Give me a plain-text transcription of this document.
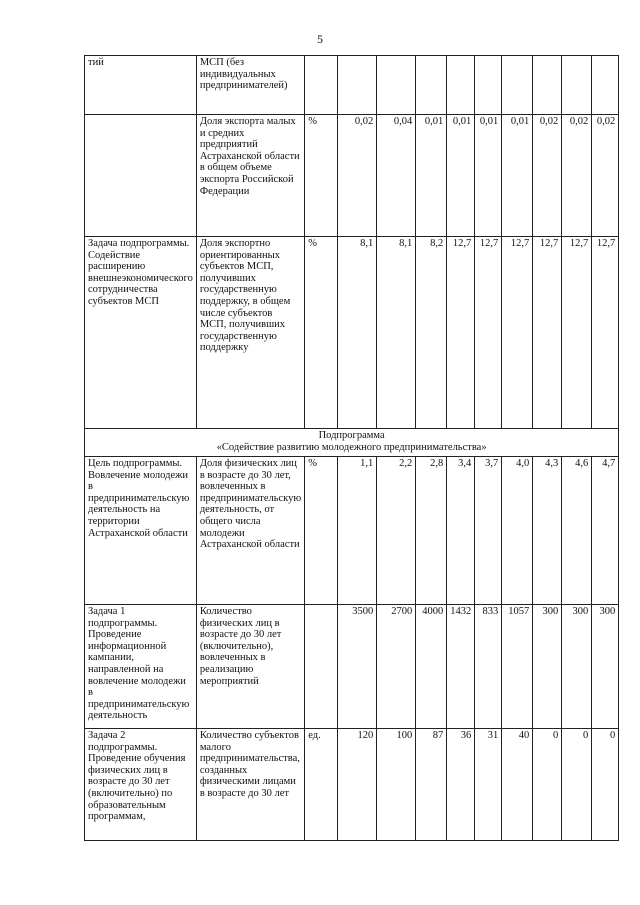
5
тий	МСП (без индивидуальных предпринимателей)										
	Доля экспорта малых и средних предприятий Астраханской области в общем объеме экспорта Российской Федерации	%	0,02	0,04	0,01	0,01	0,01	0,01	0,02	0,02	0,02
Задача подпрограммы. Содействие расширению внешнеэкономического сотрудничества субъектов МСП	Доля экспортно ориентированных субъектов МСП, получивших государственную поддержку, в общем числе субъектов МСП, получивших государственную поддержку	%	8,1	8,1	8,2	12,7	12,7	12,7	12,7	12,7	12,7

Подпрограмма
«Содействие развитию молодежного предпринимательства»											

Цель подпрограммы. Вовлечение молодежи в предпринимательскую деятельность на территории Астраханской области	Доля физических лиц в возрасте до 30 лет, вовлеченных в предпринимательскую деятельность, от общего числа молодежи Астраханской области	%	1,1	2,2	2,8	3,4	3,7	4,0	4,3	4,6	4,7
Задача 1 подпрограммы. Проведение информационной кампании, направленной на вовлечение молодежи в предпринимательскую деятельность	Количество физических лиц в возрасте до 30 лет (включительно), вовлеченных в реализацию мероприятий		3500	2700	4000	1432	833	1057	300	300	300
Задача 2 подпрограммы. Проведение обучения физических лиц в возрасте до 30 лет (включительно) по образовательным программам,	Количество субъектов малого предпринимательства, созданных физическими лицами в возрасте до 30 лет	ед.	120	100	87	36	31	40	0	0	0
